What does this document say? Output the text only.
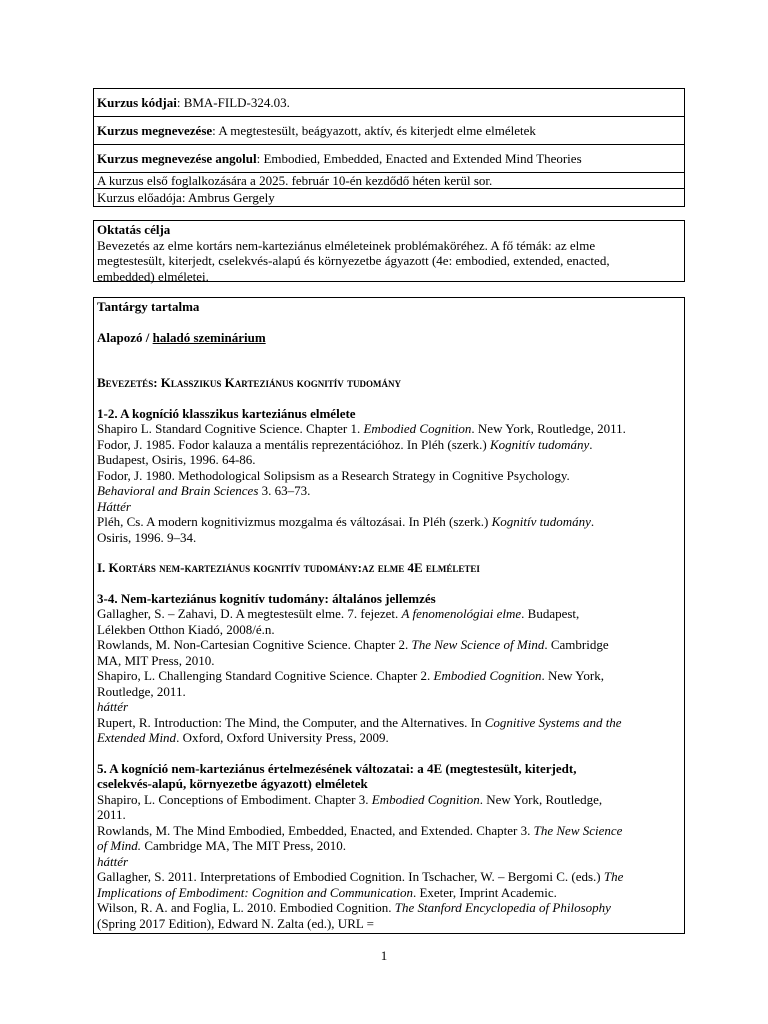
Kurzus kódjai: BMA-FILD-324.03.
Kurzus megnevezése: A megtestesült, beágyazott, aktív, és kiterjedt elme elméletek
Kurzus megnevezése angolul: Embodied, Embedded, Enacted and Extended Mind Theories
A kurzus első foglalkozására a 2025. február 10-én kezdődő héten kerül sor.
Kurzus előadója: Ambrus Gergely

Oktatás célja

Bevezetés az elme kortárs nem-karteziánus elméleteinek problémaköréhez. A fő témák: az elme

megtestesült, kiterjedt, cselekvés-alapú és környezetbe ágyazott (4e: embodied, extended, enacted,

embedded) elméletei.

Tantárgy tartalma

Alapozó / haladó szeminárium

Bevezetés: Klasszikus Karteziánus kognitív tudomány

1-2. A kogníció klasszikus karteziánus elmélete

Shapiro L. Standard Cognitive Science. Chapter 1. Embodied Cognition. New York, Routledge, 2011.

Fodor, J. 1985. Fodor kalauza a mentális reprezentációhoz. In Pléh (szerk.) Kognitív tudomány.

Budapest, Osiris, 1996. 64-86.

Fodor, J. 1980. Methodological Solipsism as a Research Strategy in Cognitive Psychology.

Behavioral and Brain Sciences 3. 63–73.

Háttér

Pléh, Cs. A modern kognitivizmus mozgalma és változásai. In Pléh (szerk.) Kognitív tudomány.

Osiris, 1996. 9–34.

I. Kortárs nem-karteziánus kognitív tudomány:az elme 4E elméletei

3-4. Nem-karteziánus kognitív tudomány: általános jellemzés

Gallagher, S. – Zahavi, D. A megtestesült elme. 7. fejezet. A fenomenológiai elme. Budapest,

Lélekben Otthon Kiadó, 2008/é.n.

Rowlands, M. Non-Cartesian Cognitive Science. Chapter 2. The New Science of Mind. Cambridge

MA, MIT Press, 2010.

Shapiro, L. Challenging Standard Cognitive Science. Chapter 2. Embodied Cognition. New York,

Routledge, 2011.

háttér

Rupert, R. Introduction: The Mind, the Computer, and the Alternatives. In Cognitive Systems and the

Extended Mind. Oxford, Oxford University Press, 2009.

5. A kogníció nem-karteziánus értelmezésének változatai: a 4E (megtestesült, kiterjedt,

cselekvés-alapú, környezetbe ágyazott) elméletek

Shapiro, L. Conceptions of Embodiment. Chapter 3. Embodied Cognition. New York, Routledge,

2011.

Rowlands, M. The Mind Embodied, Embedded, Enacted, and Extended. Chapter 3. The New Science

of Mind. Cambridge MA, The MIT Press, 2010.

háttér

Gallagher, S. 2011. Interpretations of Embodied Cognition. In Tschacher, W. – Bergomi C. (eds.) The

Implications of Embodiment: Cognition and Communication. Exeter, Imprint Academic.

Wilson, R. A. and Foglia, L. 2010. Embodied Cognition. The Stanford Encyclopedia of Philosophy

(Spring 2017 Edition), Edward N. Zalta (ed.), URL =

1
